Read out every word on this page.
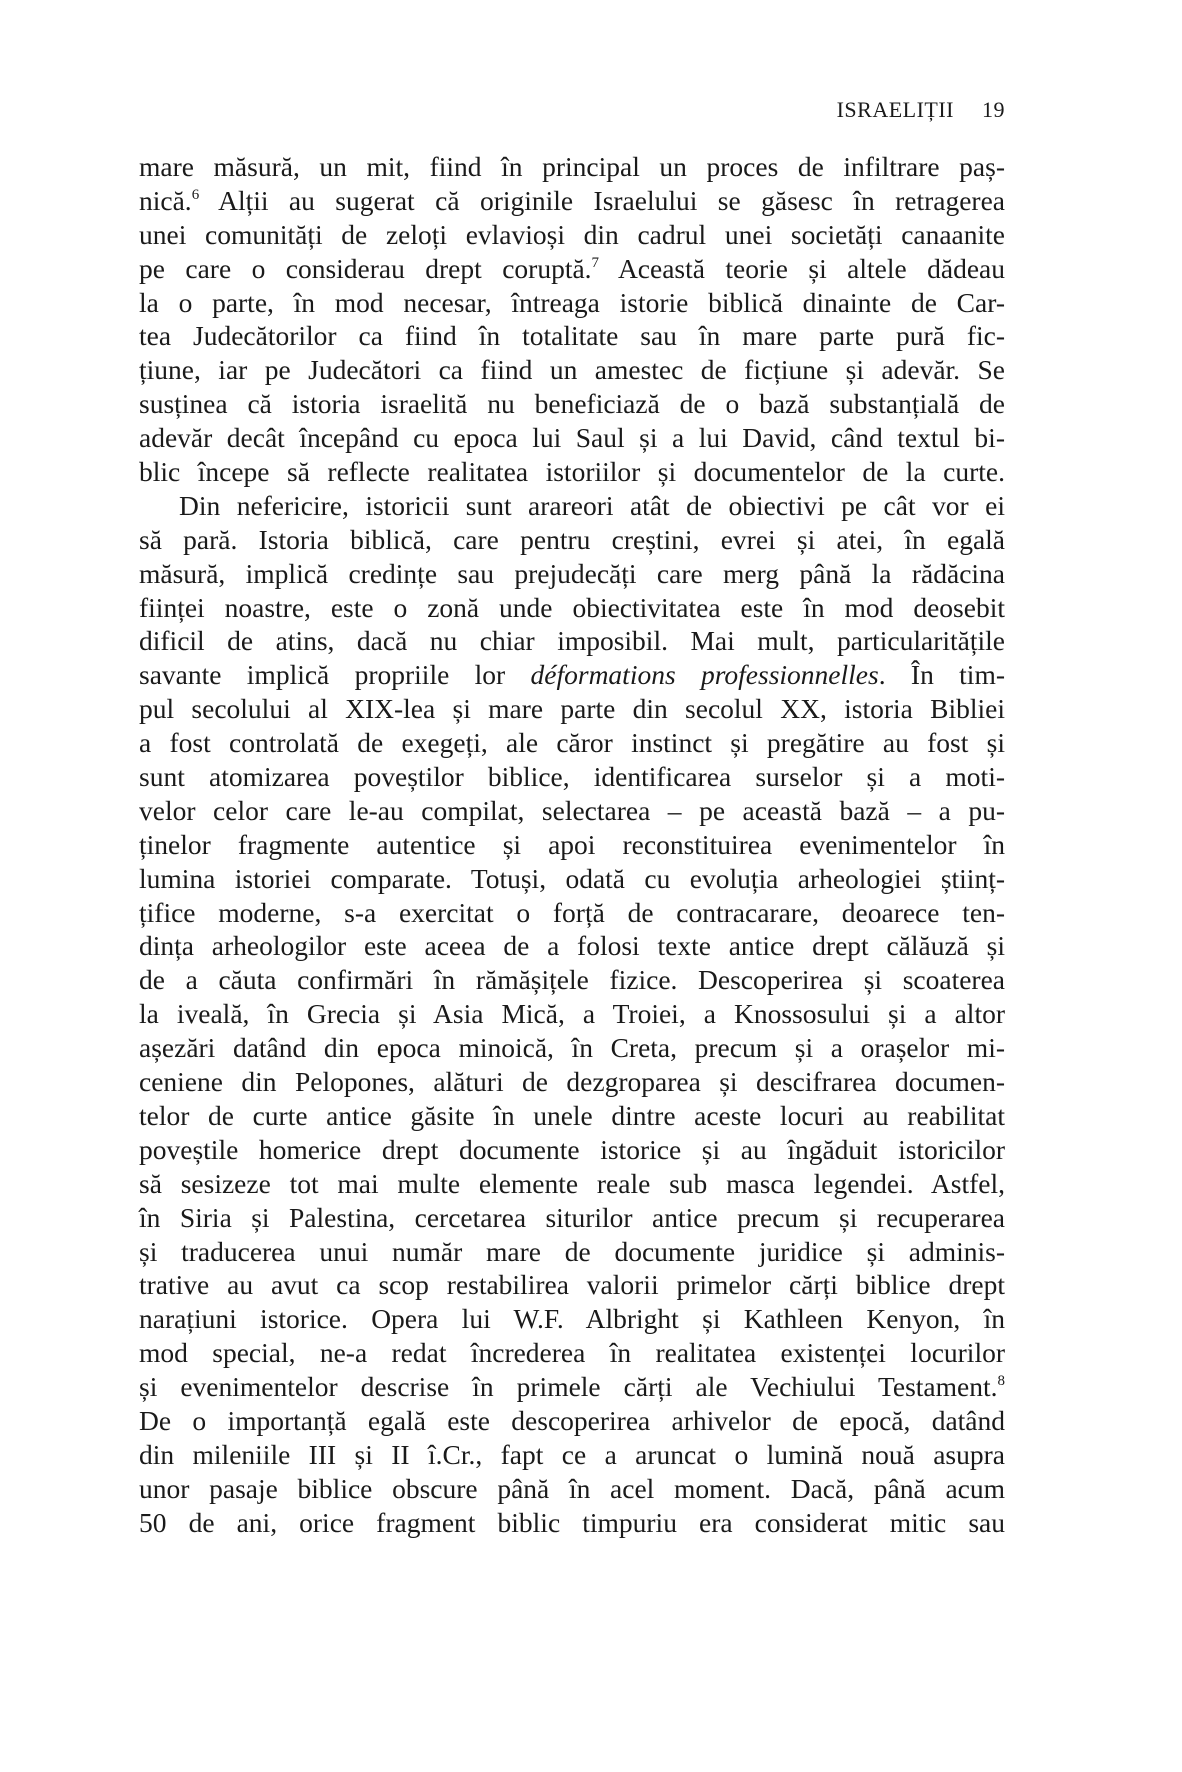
ISRAELIȚII 19
mare măsură, un mit, fiind în principal un proces de infiltrare paș-
nică.$^6$ Alții au sugerat că originile Israelului se găsesc în retragerea
unei comunități de zeloți evlavioși din cadrul unei societăți canaanite
pe care o considerau drept coruptă.$^7$ Această teorie și altele dădeau
la o parte, în mod necesar, întreaga istorie biblică dinainte de Car-
tea Judecătorilor ca fiind în totalitate sau în mare parte pură fic-
țiune, iar pe Judecători ca fiind un amestec de ficțiune și adevăr. Se
susținea că istoria israelită nu beneficiază de o bază substanțială de
adevăr decât începând cu epoca lui Saul și a lui David, când textul bi-
blic începe să reflecte realitatea istoriilor și documentelor de la curte.
Din nefericire, istoricii sunt arareori atât de obiectivi pe cât vor ei
să pară. Istoria biblică, care pentru creștini, evrei și atei, în egală
măsură, implică credințe sau prejudecăți care merg până la rădăcina
ființei noastre, este o zonă unde obiectivitatea este în mod deosebit
dificil de atins, dacă nu chiar imposibil. Mai mult, particularitățile
savante implică propriile lor déformations professionnelles. În tim-
pul secolului al XIX-lea și mare parte din secolul XX, istoria Bibliei
a fost controlată de exegeți, ale căror instinct și pregătire au fost și
sunt atomizarea poveștilor biblice, identificarea surselor și a moti-
velor celor care le-au compilat, selectarea – pe această bază – a pu-
ținelor fragmente autentice și apoi reconstituirea evenimentelor în
lumina istoriei comparate. Totuși, odată cu evoluția arheologiei științ-
țifice moderne, s-a exercitat o forță de contracarare, deoarece ten-
dința arheologilor este aceea de a folosi texte antice drept călăuză și
de a căuta confirmări în rămășițele fizice. Descoperirea și scoaterea
la iveală, în Grecia și Asia Mică, a Troiei, a Knossosului și a altor
așezări datând din epoca minoică, în Creta, precum și a orașelor mi-
ceniene din Pelopones, alături de dezgroparea și descifrarea documen-
telor de curte antice găsite în unele dintre aceste locuri au reabilitat
poveștile homerice drept documente istorice și au îngăduit istoricilor
să sesizeze tot mai multe elemente reale sub masca legendei. Astfel,
în Siria și Palestina, cercetarea siturilor antice precum și recuperarea
și traducerea unui număr mare de documente juridice și adminis-
trative au avut ca scop restabilirea valorii primelor cărți biblice drept
narațiuni istorice. Opera lui W.F. Albright și Kathleen Kenyon, în
mod special, ne-a redat încrederea în realitatea existenței locurilor
și evenimentelor descrise în primele cărți ale Vechiului Testament.$^8$
De o importanță egală este descoperirea arhivelor de epocă, datând
din mileniile III și II î.Cr., fapt ce a aruncat o lumină nouă asupra
unor pasaje biblice obscure până în acel moment. Dacă, până acum
50 de ani, orice fragment biblic timpuriu era considerat mitic sau
